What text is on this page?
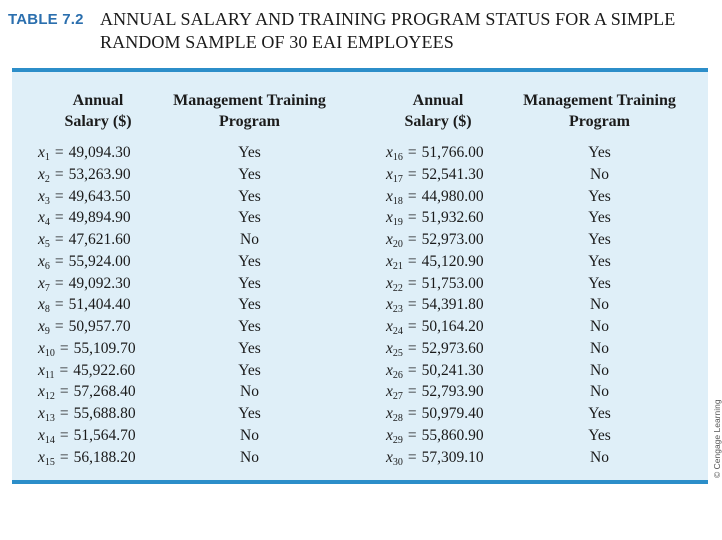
TABLE 7.2 ANNUAL SALARY AND TRAINING PROGRAM STATUS FOR A SIMPLE
RANDOM SAMPLE OF 30 EAI EMPLOYEES
Annual
Salary ($)
Management Training
Program
Annual
Salary ($)
Management Training
Program
$x_1 = 49,094.30$
$x_2 = 53,263.90$
$x_3 = 49,643.50$
$x_4 = 49,894.90$
$x_5 = 47,621.60$
$x_6 = 55,924.00$
$x_7 = 49,092.30$
$x_8 = 51,404.40$
$x_9 = 50,957.70$
$x_{10} = 55,109.70$
$x_{11} = 45,922.60$
$x_{12} = 57,268.40$
$x_{13} = 55,688.80$
$x_{14} = 51,564.70$
$x_{15} = 56,188.20$
Yes
Yes
Yes
Yes
No
Yes
Yes
Yes
Yes
Yes
Yes
No
Yes
No
No
$x_{16} = 51,766.00$
$x_{17} = 52,541.30$
$x_{18} = 44,980.00$
$x_{19} = 51,932.60$
$x_{20} = 52,973.00$
$x_{21} = 45,120.90$
$x_{22} = 51,753.00$
$x_{23} = 54,391.80$
$x_{24} = 50,164.20$
$x_{25} = 52,973.60$
$x_{26} = 50,241.30$
$x_{27} = 52,793.90$
$x_{28} = 50,979.40$
$x_{29} = 55,860.90$
$x_{30} = 57,309.10$
Yes
No
Yes
Yes
Yes
Yes
Yes
No
No
No
No
No
Yes
Yes
No	© Cengage Learning
